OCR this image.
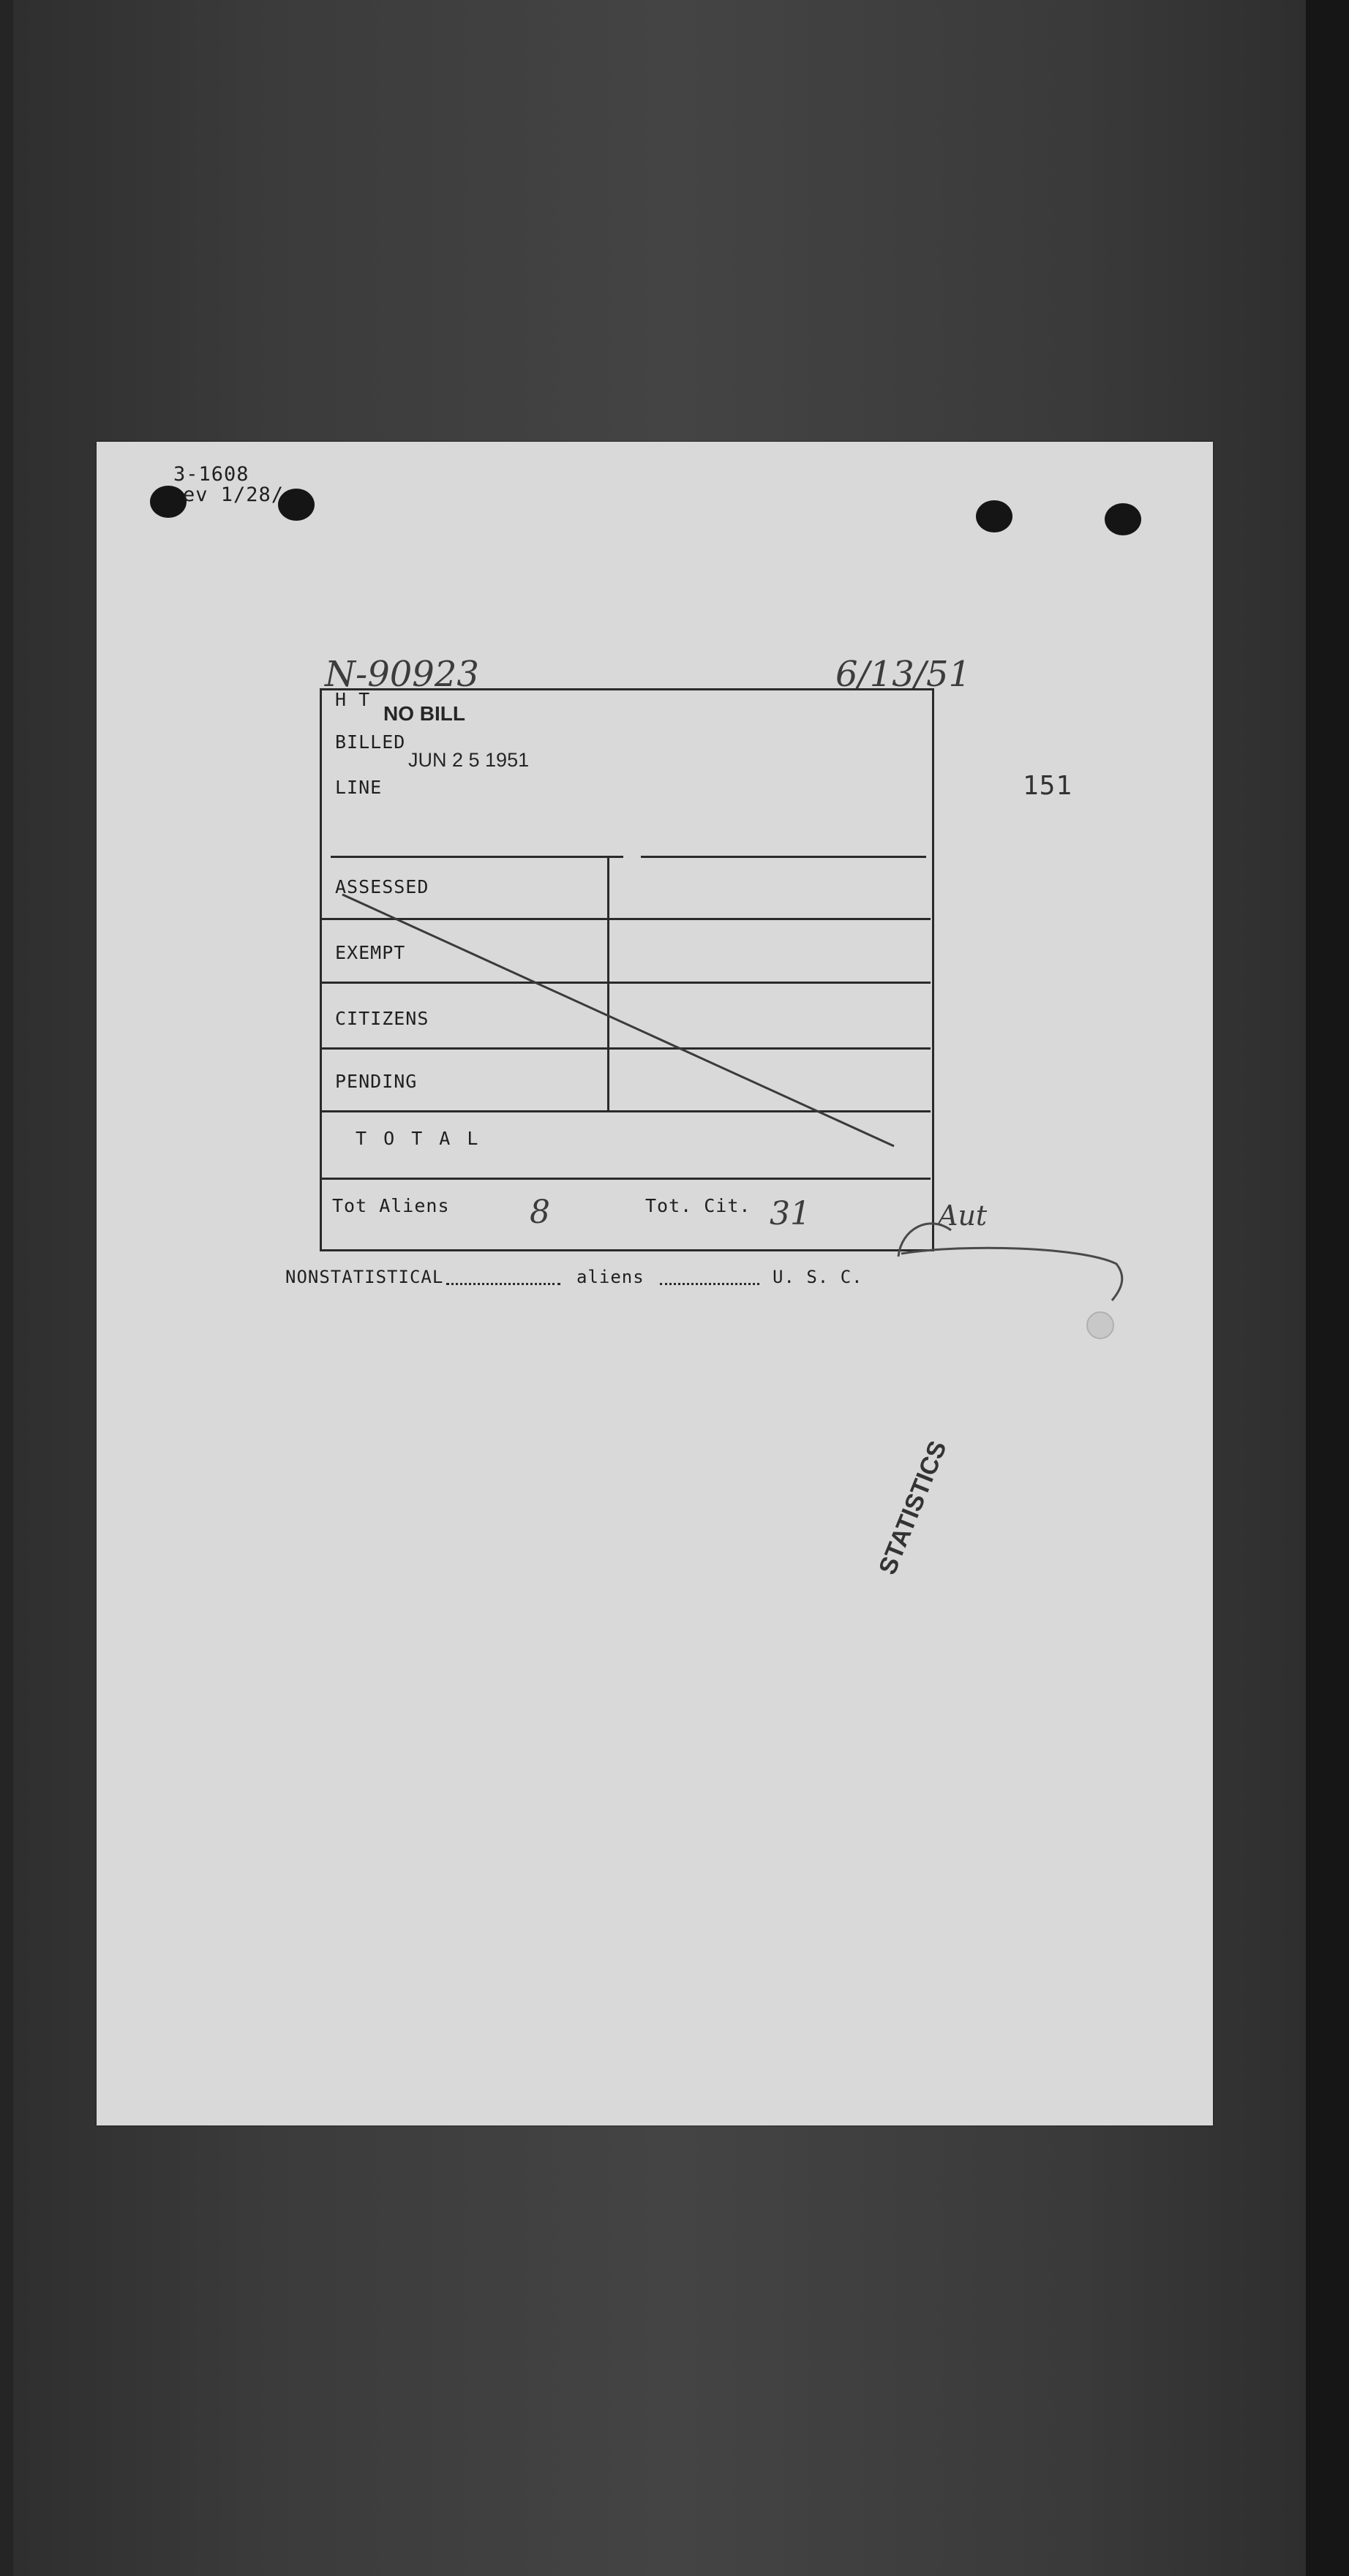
3-1608
ev 1/28/
N-90923	6/13/51
151
H T
NO BILL
BILLED
JUN 2 5 1951
LINE
ASSESSED
EXEMPT
CITIZENS
PENDING
T O T A L
Tot Aliens 8	Tot. Cit. 31	Aut
NONSTATISTICAL	aliens	U. S. C.
STATISTICS
